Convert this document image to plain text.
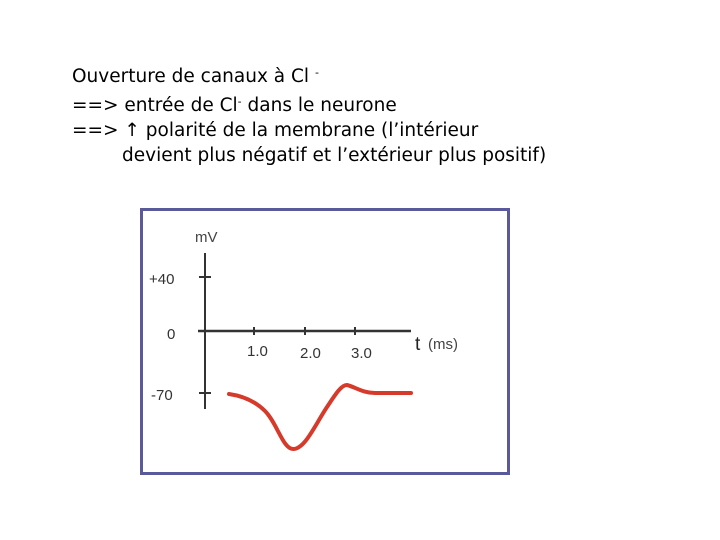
Ouverture de canaux à Cl -
==> entrée de Cl- dans le neurone
==> ↑ polarité de la membrane (l’intérieur
devient plus négatif et l’extérieur plus positif)
mV
+40
0
-70
1.0 2.0 3.0 t (ms)
